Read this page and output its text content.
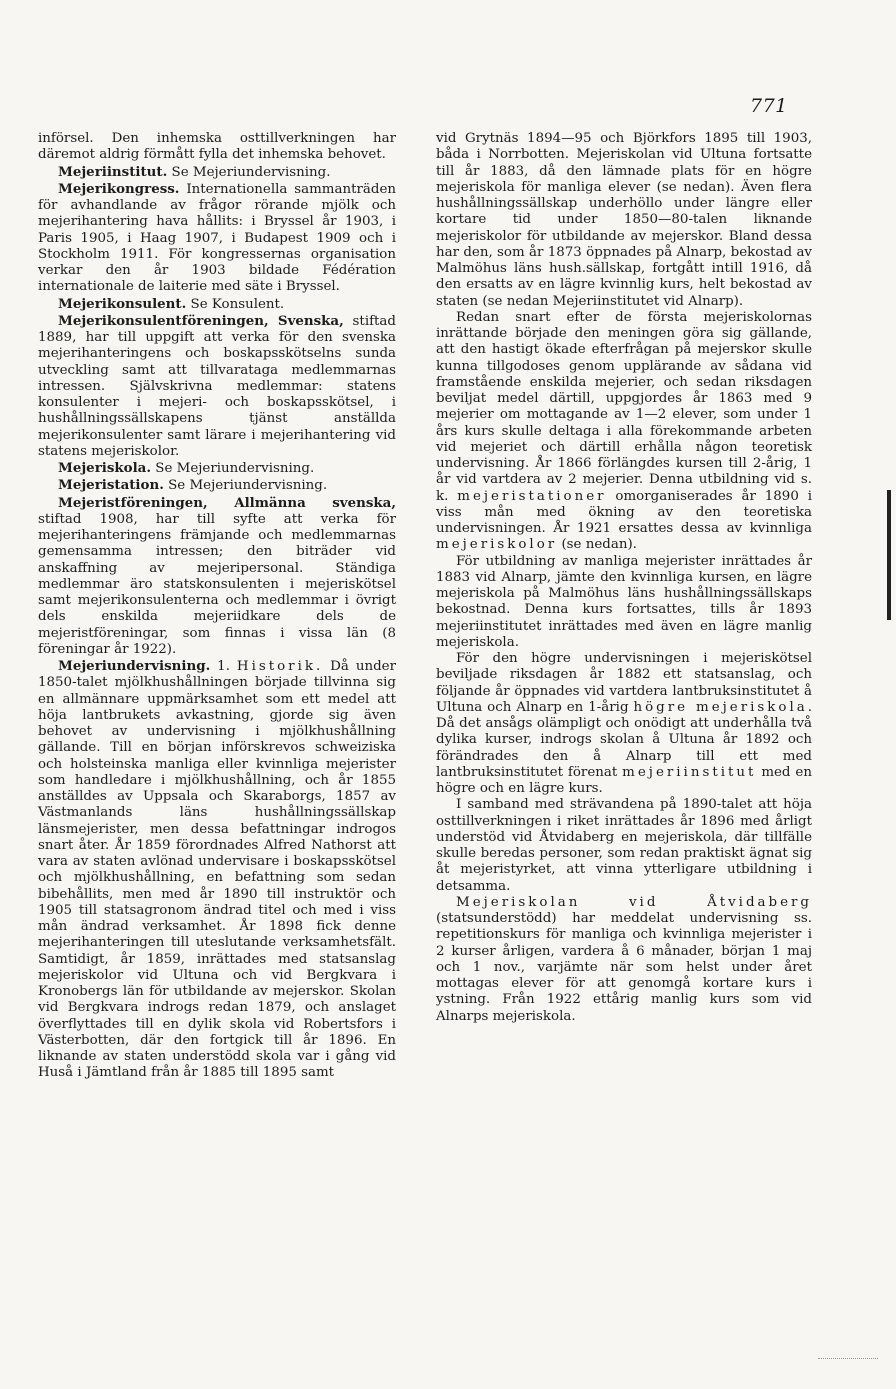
771

införsel. Den inhemska osttillverkningen har däremot aldrig förmått fylla det inhemska behovet.

Mejeriinstitut. Se Mejeriundervisning.

Mejerikongress. Internationella sammanträden för avhandlande av frågor rörande mjölk och mejerihantering hava hållits: i Bryssel år 1903, i Paris 1905, i Haag 1907, i Budapest 1909 och i Stockholm 1911. För kongressernas organisation verkar den år 1903 bildade Fédération internationale de laiterie med säte i Bryssel.

Mejerikonsulent. Se Konsulent.

Mejerikonsulentföreningen, Svenska, stiftad 1889, har till uppgift att verka för den svenska mejerihanteringens och boskapsskötselns sunda utveckling samt att tillvarataga medlemmarnas intressen. Självskrivna medlemmar: statens konsulenter i mejeri- och boskapsskötsel, i hushållningssällskapens tjänst anställda mejerikonsulenter samt lärare i mejerihantering vid statens mejeriskolor.

Mejeriskola. Se Mejeriundervisning.

Mejeristation. Se Mejeriundervisning.

Mejeristföreningen, Allmänna svenska, stiftad 1908, har till syfte att verka för mejerihanteringens främjande och medlemmarnas gemensamma intressen; den biträder vid anskaffning av mejeripersonal. Ständiga medlemmar äro statskonsulenten i mejeriskötsel samt mejerikonsulenterna och medlemmar i övrigt dels enskilda mejeriidkare dels de mejeristföreningar, som finnas i vissa län (8 föreningar år 1922).

Mejeriundervisning. 1. Historik. Då under 1850-talet mjölkhushållningen började tillvinna sig en allmännare uppmärksamhet som ett medel att höja lantbrukets avkastning, gjorde sig även behovet av undervisning i mjölkhushållning gällande. Till en början införskrevos schweiziska och holsteinska manliga eller kvinnliga mejerister som handledare i mjölkhushållning, och år 1855 anställdes av Uppsala och Skaraborgs, 1857 av Västmanlands läns hushållningssällskap länsmejerister, men dessa befattningar indrogos snart åter. År 1859 förordnades Alfred Nathorst att vara av staten avlönad undervisare i boskapsskötsel och mjölkhushållning, en befattning som sedan bibehållits, men med år 1890 till instruktör och 1905 till statsagronom ändrad titel och med i viss mån ändrad verksamhet. År 1898 fick denne mejerihanteringen till uteslutande verksamhetsfält. Samtidigt, år 1859, inrättades med statsanslag mejeriskolor vid Ultuna och vid Bergkvara i Kronobergs län för utbildande av mejerskor. Skolan vid Bergkvara indrogs redan 1879, och anslaget överflyttades till en dylik skola vid Robertsfors i Västerbotten, där den fortgick till år 1896. En liknande av staten understödd skola var i gång vid Huså i Jämtland från år 1885 till 1895 samt

vid Grytnäs 1894—95 och Björkfors 1895 till 1903, båda i Norrbotten. Mejeriskolan vid Ultuna fortsatte till år 1883, då den lämnade plats för en högre mejeriskola för manliga elever (se nedan). Även flera hushållningssällskap underhöllo under längre eller kortare tid under 1850—80-talen liknande mejeriskolor för utbildande av mejerskor. Bland dessa har den, som år 1873 öppnades på Alnarp, bekostad av Malmöhus läns hush.sällskap, fortgått intill 1916, då den ersatts av en lägre kvinnlig kurs, helt bekostad av staten (se nedan Mejeriinstitutet vid Alnarp).

Redan snart efter de första mejeriskolornas inrättande började den meningen göra sig gällande, att den hastigt ökade efterfrågan på mejerskor skulle kunna tillgodoses genom upplärande av sådana vid framstående enskilda mejerier, och sedan riksdagen beviljat medel därtill, uppgjordes år 1863 med 9 mejerier om mottagande av 1—2 elever, som under 1 års kurs skulle deltaga i alla förekommande arbeten vid mejeriet och därtill erhålla någon teoretisk undervisning. År 1866 förlängdes kursen till 2-årig, 1 år vid vartdera av 2 mejerier. Denna utbildning vid s. k. mejeristationer omorganiserades år 1890 i viss mån med ökning av den teoretiska undervisningen. År 1921 ersattes dessa av kvinnliga mejeriskolor (se nedan).

För utbildning av manliga mejerister inrättades år 1883 vid Alnarp, jämte den kvinnliga kursen, en lägre mejeriskola på Malmöhus läns hushållningssällskaps bekostnad. Denna kurs fortsattes, tills år 1893 mejeriinstitutet inrättades med även en lägre manlig mejeriskola.

För den högre undervisningen i mejeriskötsel beviljade riksdagen år 1882 ett statsanslag, och följande år öppnades vid vartdera lantbruksinstitutet å Ultuna och Alnarp en 1-årig högre mejeriskola. Då det ansågs olämpligt och onödigt att underhålla två dylika kurser, indrogs skolan å Ultuna år 1892 och förändrades den å Alnarp till ett med lantbruksinstitutet förenat mejeriinstitut med en högre och en lägre kurs.

I samband med strävandena på 1890-talet att höja osttillverkningen i riket inrättades år 1896 med årligt understöd vid Åtvidaberg en mejeriskola, där tillfälle skulle beredas personer, som redan praktiskt ägnat sig åt mejeristyrket, att vinna ytterligare utbildning i detsamma.

Mejeriskolan vid Åtvidaberg (statsunderstödd) har meddelat undervisning ss. repetitionskurs för manliga och kvinnliga mejerister i 2 kurser årligen, vardera å 6 månader, början 1 maj och 1 nov., varjämte när som helst under året mottagas elever för att genomgå kortare kurs i ystning. Från 1922 ettårig manlig kurs som vid Alnarps mejeriskola.
